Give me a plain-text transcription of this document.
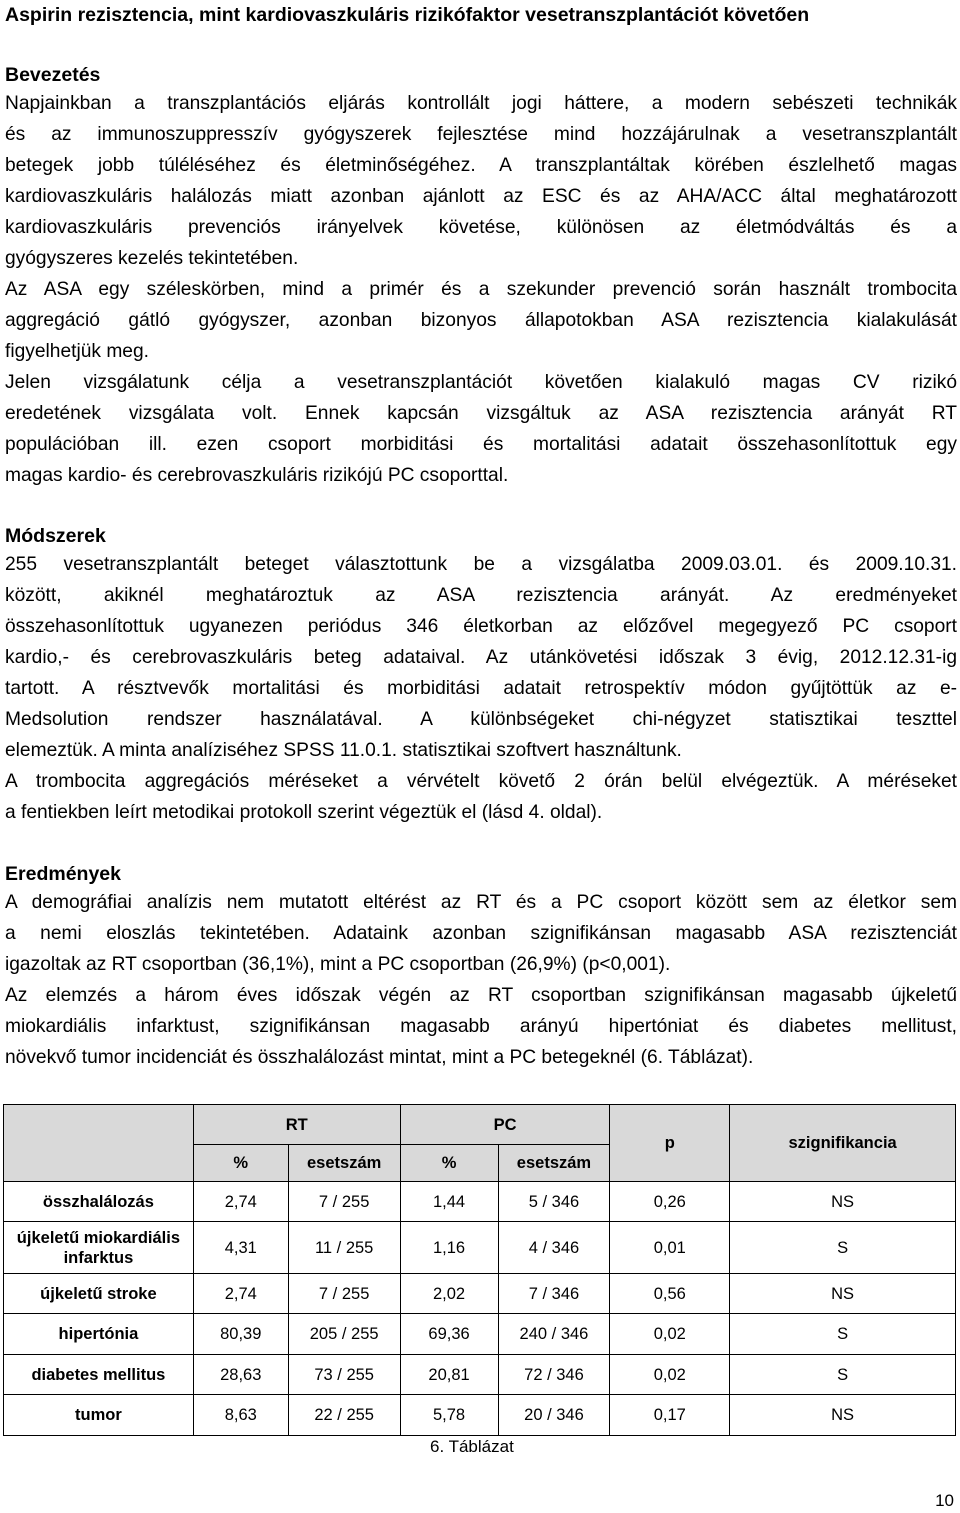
Aspirin rezisztencia, mint kardiovaszkuláris rizikófaktor vesetranszplantációt követően
Bevezetés
Napjainkban a transzplantációs eljárás kontrollált jogi háttere, a modern sebészeti technikák
és az immunoszuppresszív gyógyszerek fejlesztése mind hozzájárulnak a vesetranszplantált
betegek jobb túléléséhez és életminőségéhez. A transzplantáltak körében észlelhető magas
kardiovaszkuláris halálozás miatt azonban ajánlott az ESC és az AHA/ACC által meghatározott
kardiovaszkuláris prevenciós irányelvek követése, különösen az életmódváltás és a
gyógyszeres kezelés tekintetében.
Az ASA egy széleskörben, mind a primér és a szekunder prevenció során használt trombocita
aggregáció gátló gyógyszer, azonban bizonyos állapotokban ASA rezisztencia kialakulását
figyelhetjük meg.
Jelen vizsgálatunk célja a vesetranszplantációt követően kialakuló magas CV rizikó
eredetének vizsgálata volt. Ennek kapcsán vizsgáltuk az ASA rezisztencia arányát RT
populációban ill. ezen csoport morbiditási és mortalitási adatait összehasonlítottuk egy
magas kardio- és cerebrovaszkuláris rizikójú PC csoporttal.
Módszerek
255 vesetranszplantált beteget választottunk be a vizsgálatba 2009.03.01. és 2009.10.31.
között, akiknél meghatároztuk az ASA rezisztencia arányát. Az eredményeket
összehasonlítottuk ugyanezen periódus 346 életkorban az előzővel megegyező PC csoport
kardio,- és cerebrovaszkuláris beteg adataival. Az utánkövetési időszak 3 évig, 2012.12.31-ig
tartott. A résztvevők mortalitási és morbiditási adatait retrospektív módon gyűjtöttük az e-
Medsolution rendszer használatával. A különbségeket chi-négyzet statisztikai teszttel
elemeztük. A minta analíziséhez SPSS 11.0.1. statisztikai szoftvert használtunk.
A trombocita aggregációs méréseket a vérvételt követő 2 órán belül elvégeztük. A méréseket
a fentiekben leírt metodikai protokoll szerint végeztük el (lásd 4. oldal).
Eredmények
A demográfiai analízis nem mutatott eltérést az RT és a PC csoport között sem az életkor sem
a nemi eloszlás tekintetében. Adataink azonban szignifikánsan magasabb ASA rezisztenciát
igazoltak az RT csoportban (36,1%), mint a PC csoportban (26,9%) (p<0,001).
Az elemzés a három éves időszak végén az RT csoportban szignifikánsan magasabb újkeletű
miokardiális infarktust, szignifikánsan magasabb arányú hipertóniat és diabetes mellitust,
növekvő tumor incidenciát és összhalálozást mintat, mint a PC betegeknél (6. Táblázat).
	RT		PC		p	szignifikancia
	%	esetszám	%	esetszám		
összhalálozás	2,74	7 / 255	1,44	5 / 346	0,26	NS
újkeletű miokardiális infarktus	4,31	11 / 255	1,16	4 / 346	0,01	S
újkeletű stroke	2,74	7 / 255	2,02	7 / 346	0,56	NS
hipertónia	80,39	205 / 255	69,36	240 / 346	0,02	S
diabetes mellitus	28,63	73 / 255	20,81	72 / 346	0,02	S
tumor	8,63	22 / 255	5,78	20 / 346	0,17	NS
6. Táblázat
10
